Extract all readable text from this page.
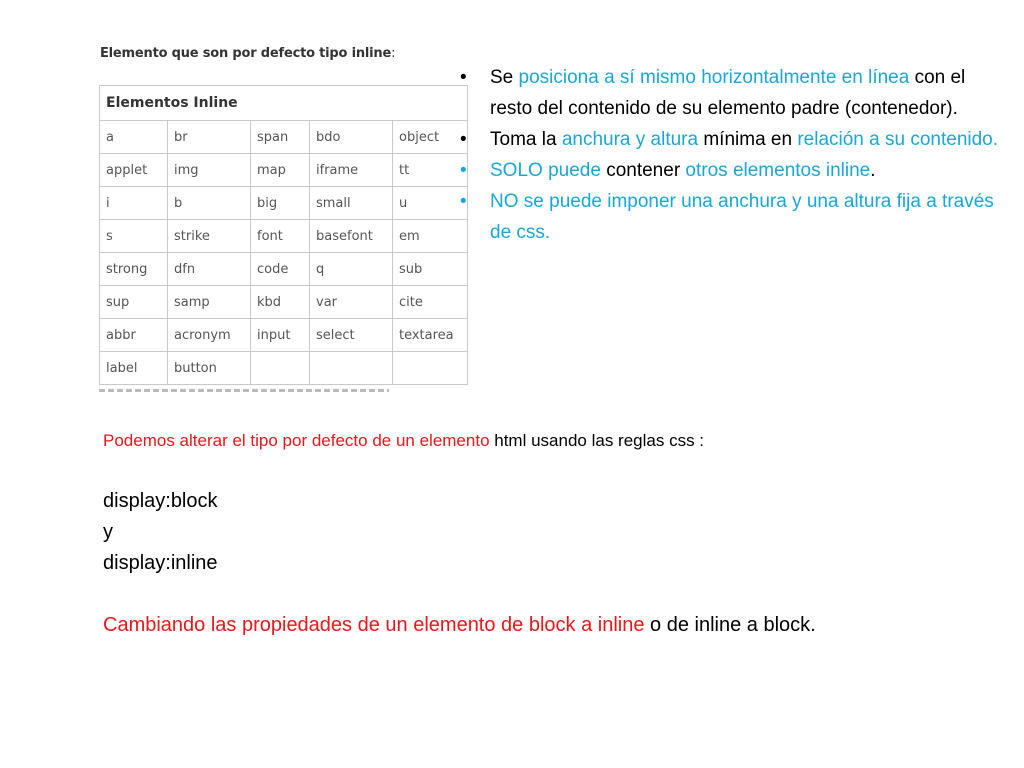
Elemento que son por defecto tipo inline:
Elementos Inline				
a	br	span	bdo	object
applet	img	map	iframe	tt
i	b	big	small	u
s	strike	font	basefont	em
strong	dfn	code	q	sub
sup	samp	kbd	var	cite
abbr	acronym	input	select	textarea
label	button			
• Se posiciona a sí mismo horizontalmente en línea con el resto del contenido de su elemento padre (contenedor).
• Toma la anchura y altura mínima en relación a su contenido.
• SOLO puede contener otros elementos inline.
• NO se puede imponer una anchura y una altura fija a través de css.
Podemos alterar el tipo por defecto de un elemento html usando las reglas css :
display:block
y
display:inline
Cambiando las propiedades de un elemento de block a inline o de inline a block.
